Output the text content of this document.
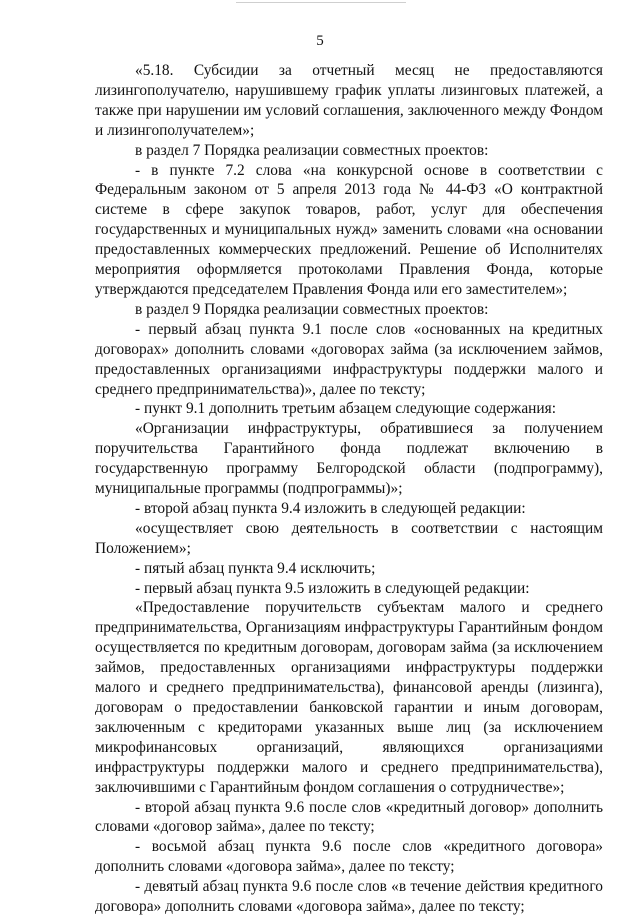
5

«5.18. Субсидии за отчетный месяц не предоставляются лизингополучателю, нарушившему график уплаты лизинговых платежей, а также при нарушении им условий соглашения, заключенного между Фондом и лизингополучателем»;

в раздел 7 Порядка реализации совместных проектов:

- в пункте 7.2 слова «на конкурсной основе в соответствии с Федеральным законом от 5 апреля 2013 года № 44-ФЗ «О контрактной системе в сфере закупок товаров, работ, услуг для обеспечения государственных и муниципальных нужд» заменить словами «на основании предоставленных коммерческих предложений. Решение об Исполнителях мероприятия оформляется протоколами Правления Фонда, которые утверждаются председателем Правления Фонда или его заместителем»;

в раздел 9 Порядка реализации совместных проектов:

- первый абзац пункта 9.1 после слов «основанных на кредитных договорах» дополнить словами «договорах займа (за исключением займов, предоставленных организациями инфраструктуры поддержки малого и среднего предпринимательства)», далее по тексту;

- пункт 9.1 дополнить третьим абзацем следующие содержания:

«Организации инфраструктуры, обратившиеся за получением поручительства Гарантийного фонда подлежат включению в государственную программу Белгородской области (подпрограмму), муниципальные программы (подпрограммы)»;

- второй абзац пункта 9.4 изложить в следующей редакции:

«осуществляет свою деятельность в соответствии с настоящим Положением»;

- пятый абзац пункта 9.4 исключить;

- первый абзац пункта 9.5 изложить в следующей редакции:

«Предоставление поручительств субъектам малого и среднего предпринимательства, Организациям инфраструктуры Гарантийным фондом осуществляется по кредитным договорам, договорам займа (за исключением займов, предоставленных организациями инфраструктуры поддержки малого и среднего предпринимательства), финансовой аренды (лизинга), договорам о предоставлении банковской гарантии и иным договорам, заключенным с кредиторами указанных выше лиц (за исключением микрофинансовых организаций, являющихся организациями инфраструктуры поддержки малого и среднего предпринимательства), заключившими с Гарантийным фондом соглашения о сотрудничестве»;

- второй абзац пункта 9.6 после слов «кредитный договор» дополнить словами «договор займа», далее по тексту;

- восьмой абзац пункта 9.6 после слов «кредитного договора» дополнить словами «договора займа», далее по тексту;

- девятый абзац пункта 9.6 после слов «в течение действия кредитного договора» дополнить словами «договора займа», далее по тексту;
